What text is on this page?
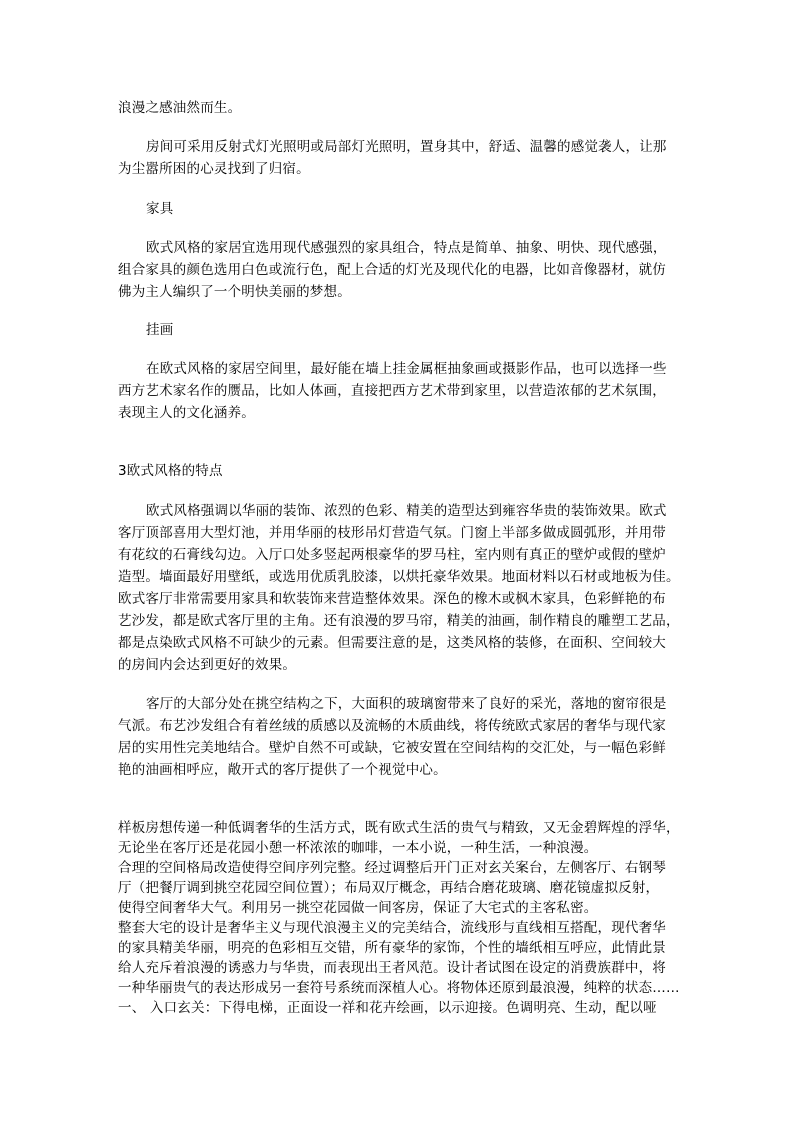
浪漫之感油然而生。
房间可采用反射式灯光照明或局部灯光照明，置身其中，舒适、温馨的感觉袭人，让那
为尘嚣所困的心灵找到了归宿。
家具
欧式风格的家居宜选用现代感强烈的家具组合，特点是简单、抽象、明快、现代感强，
组合家具的颜色选用白色或流行色，配上合适的灯光及现代化的电器，比如音像器材，就仿
佛为主人编织了一个明快美丽的梦想。
挂画
在欧式风格的家居空间里，最好能在墙上挂金属框抽象画或摄影作品，也可以选择一些
西方艺术家名作的赝品，比如人体画，直接把西方艺术带到家里，以营造浓郁的艺术氛围，
表现主人的文化涵养。
3欧式风格的特点
欧式风格强调以华丽的装饰、浓烈的色彩、精美的造型达到雍容华贵的装饰效果。欧式
客厅顶部喜用大型灯池，并用华丽的枝形吊灯营造气氛。门窗上半部多做成圆弧形，并用带
有花纹的石膏线勾边。入厅口处多竖起两根豪华的罗马柱，室内则有真正的壁炉或假的壁炉
造型。墙面最好用壁纸，或选用优质乳胶漆，以烘托豪华效果。地面材料以石材或地板为佳。
欧式客厅非常需要用家具和软装饰来营造整体效果。深色的橡木或枫木家具，色彩鲜艳的布
艺沙发，都是欧式客厅里的主角。还有浪漫的罗马帘，精美的油画，制作精良的雕塑工艺品，
都是点染欧式风格不可缺少的元素。但需要注意的是，这类风格的装修，在面积、空间较大
的房间内会达到更好的效果。
客厅的大部分处在挑空结构之下，大面积的玻璃窗带来了良好的采光，落地的窗帘很是
气派。布艺沙发组合有着丝绒的质感以及流畅的木质曲线，将传统欧式家居的奢华与现代家
居的实用性完美地结合。壁炉自然不可或缺，它被安置在空间结构的交汇处，与一幅色彩鲜
艳的油画相呼应，敞开式的客厅提供了一个视觉中心。
样板房想传递一种低调奢华的生活方式，既有欧式生活的贵气与精致，又无金碧辉煌的浮华，
无论坐在客厅还是花园小憩一杯浓浓的咖啡，一本小说，一种生活，一种浪漫。
合理的空间格局改造使得空间序列完整。经过调整后开门正对玄关案台，左侧客厅、右钢琴
厅（把餐厅调到挑空花园空间位置）；布局双厅概念，再结合磨花玻璃、磨花镜虚拟反射，
使得空间奢华大气。利用另一挑空花园做一间客房，保证了大宅式的主客私密。
整套大宅的设计是奢华主义与现代浪漫主义的完美结合，流线形与直线相互搭配，现代奢华
的家具精美华丽，明亮的色彩相互交错，所有豪华的家饰，个性的墙纸相互呼应，此情此景
给人充斥着浪漫的诱惑力与华贵，而表现出王者风范。设计者试图在设定的消费族群中，将
一种华丽贵气的表达形成另一套符号系统而深植人心。将物体还原到最浪漫，纯粹的状态……
一、 入口玄关：下得电梯，正面设一祥和花卉绘画，以示迎接。色调明亮、生动，配以哑
